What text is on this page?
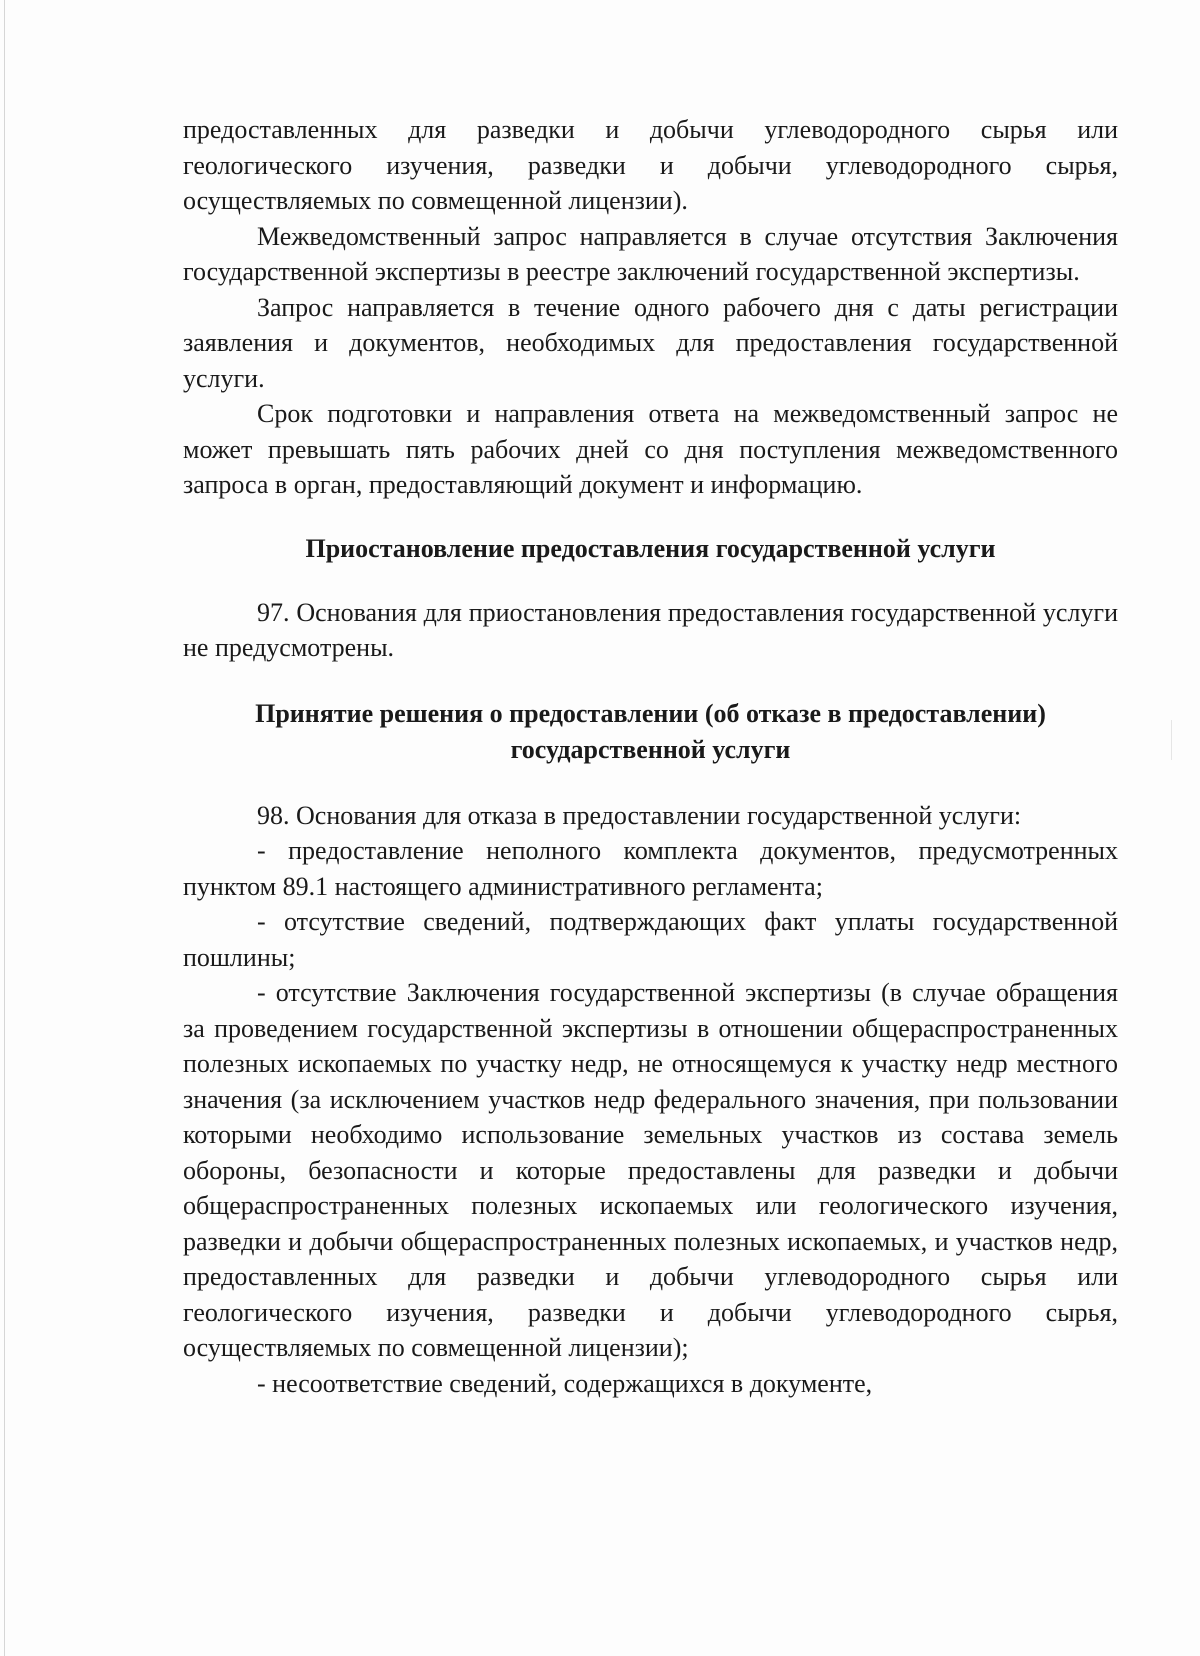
предоставленных для разведки и добычи углеводородного сырья или геологического изучения, разведки и добычи углеводородного сырья, осуществляемых по совмещенной лицензии).

Межведомственный запрос направляется в случае отсутствия Заключения государственной экспертизы в реестре заключений государственной экспертизы.

Запрос направляется в течение одного рабочего дня с даты регистрации заявления и документов, необходимых для предоставления государственной услуги.

Срок подготовки и направления ответа на межведомственный запрос не может превышать пять рабочих дней со дня поступления межведомственного запроса в орган, предоставляющий документ и информацию.

Приостановление предоставления государственной услуги

97. Основания для приостановления предоставления государственной услуги не предусмотрены.

Принятие решения о предоставлении (об отказе в предоставлении)
государственной услуги

98. Основания для отказа в предоставлении государственной услуги:

- предоставление неполного комплекта документов, предусмотренных пунктом 89.1 настоящего административного регламента;

- отсутствие сведений, подтверждающих факт уплаты государственной пошлины;

- отсутствие Заключения государственной экспертизы (в случае обращения за проведением государственной экспертизы в отношении общераспространенных полезных ископаемых по участку недр, не относящемуся к участку недр местного значения (за исключением участков недр федерального значения, при пользовании которыми необходимо использование земельных участков из состава земель обороны, безопасности и которые предоставлены для разведки и добычи общераспространенных полезных ископаемых или геологического изучения, разведки и добычи общераспространенных полезных ископаемых, и участков недр, предоставленных для разведки и добычи углеводородного сырья или геологического изучения, разведки и добычи углеводородного сырья, осуществляемых по совмещенной лицензии);

- несоответствие сведений, содержащихся в документе,
